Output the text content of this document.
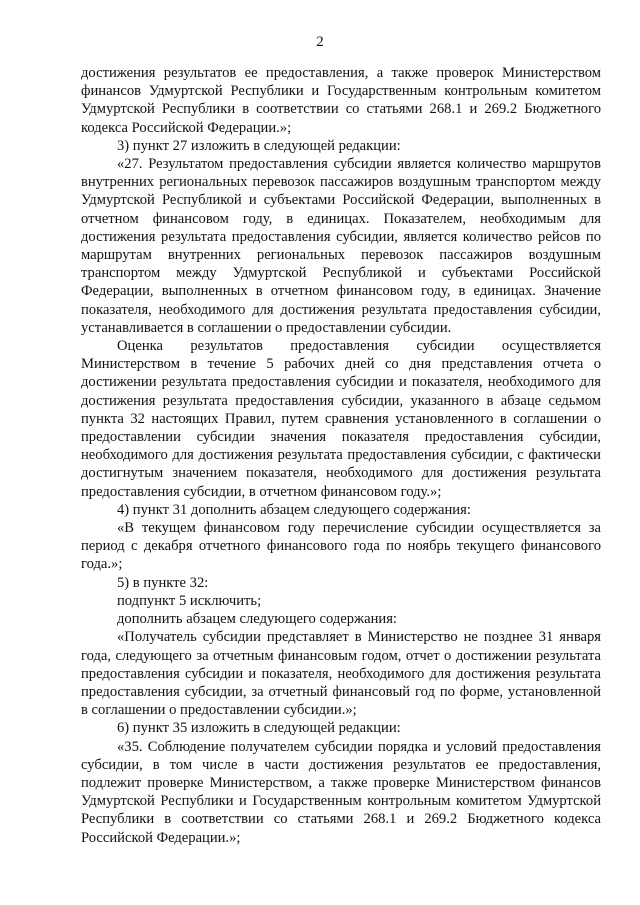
2

достижения результатов ее предоставления, а также проверок Министерством финансов Удмуртской Республики и Государственным контрольным комитетом Удмуртской Республики в соответствии со статьями 268.1 и 269.2 Бюджетного кодекса Российской Федерации.»;

3) пункт 27 изложить в следующей редакции:

«27. Результатом предоставления субсидии является количество маршрутов внутренних региональных перевозок пассажиров воздушным транспортом между Удмуртской Республикой и субъектами Российской Федерации, выполненных в отчетном финансовом году, в единицах. Показателем, необходимым для достижения результата предоставления субсидии, является количество рейсов по маршрутам внутренних региональных перевозок пассажиров воздушным транспортом между Удмуртской Республикой и субъектами Российской Федерации, выполненных в отчетном финансовом году, в единицах. Значение показателя, необходимого для достижения результата предоставления субсидии, устанавливается в соглашении о предоставлении субсидии.

Оценка результатов предоставления субсидии осуществляется Министерством в течение 5 рабочих дней со дня представления отчета о достижении результата предоставления субсидии и показателя, необходимого для достижения результата предоставления субсидии, указанного в абзаце седьмом пункта 32 настоящих Правил, путем сравнения установленного в соглашении о предоставлении субсидии значения показателя предоставления субсидии, необходимого для достижения результата предоставления субсидии, с фактически достигнутым значением показателя, необходимого для достижения результата предоставления субсидии, в отчетном финансовом году.»;

4) пункт 31 дополнить абзацем следующего содержания:

«В текущем финансовом году перечисление субсидии осуществляется за период с декабря отчетного финансового года по ноябрь текущего финансового года.»;

5) в пункте 32:

подпункт 5 исключить;

дополнить абзацем следующего содержания:

«Получатель субсидии представляет в Министерство не позднее 31 января года, следующего за отчетным финансовым годом, отчет о достижении результата предоставления субсидии и показателя, необходимого для достижения результата предоставления субсидии, за отчетный финансовый год по форме, установленной в соглашении о предоставлении субсидии.»;

6) пункт 35 изложить в следующей редакции:

«35. Соблюдение получателем субсидии порядка и условий предоставления субсидии, в том числе в части достижения результатов ее предоставления, подлежит проверке Министерством, а также проверке Министерством финансов Удмуртской Республики и Государственным контрольным комитетом Удмуртской Республики в соответствии со статьями 268.1 и 269.2 Бюджетного кодекса Российской Федерации.»;
